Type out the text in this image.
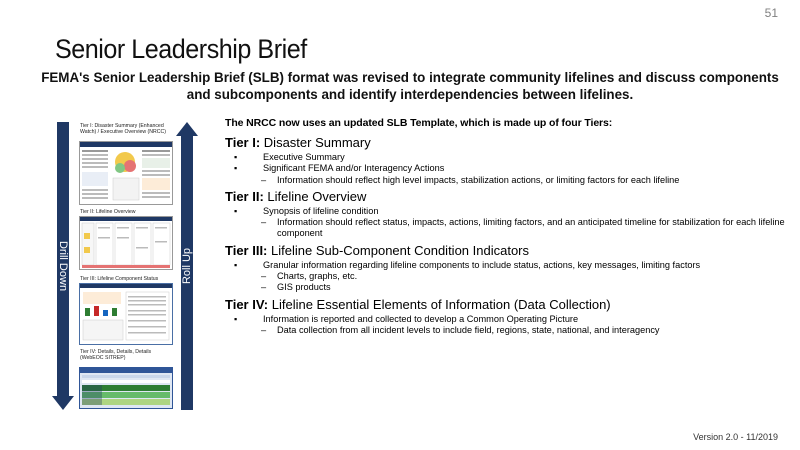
51
Senior Leadership Brief
FEMA's Senior Leadership Brief (SLB) format was revised to integrate community lifelines and discuss components and subcomponents and identify interdependencies between lifelines.
Drill Down	Roll Up
Tier I: Disaster Summary (Enhanced Watch) / Executive Overview (NRCC)
Tier II: Lifeline Overview
Tier III: Lifeline Component Status
Tier IV: Details, Details, Details (WebEOC SITREP)
The NRCC now uses an updated SLB Template, which is made up of four Tiers:
Tier I: Disaster Summary
▪ Executive Summary
▪ Significant FEMA and/or Interagency Actions
– Information should reflect high level impacts, stabilization actions, or limiting factors for each lifeline
Tier II: Lifeline Overview
▪ Synopsis of lifeline condition
– Information should reflect status, impacts, actions, limiting factors, and an anticipated timeline for stabilization for each lifeline component
Tier III: Lifeline Sub-Component Condition Indicators
▪ Granular information regarding lifeline components to include status, actions, key messages, limiting factors
– Charts, graphs, etc.
– GIS products
Tier IV: Lifeline Essential Elements of Information (Data Collection)
▪ Information is reported and collected to develop a Common Operating Picture
– Data collection from all incident levels to include field, regions, state, national, and interagency
Version 2.0 - 11/2019
